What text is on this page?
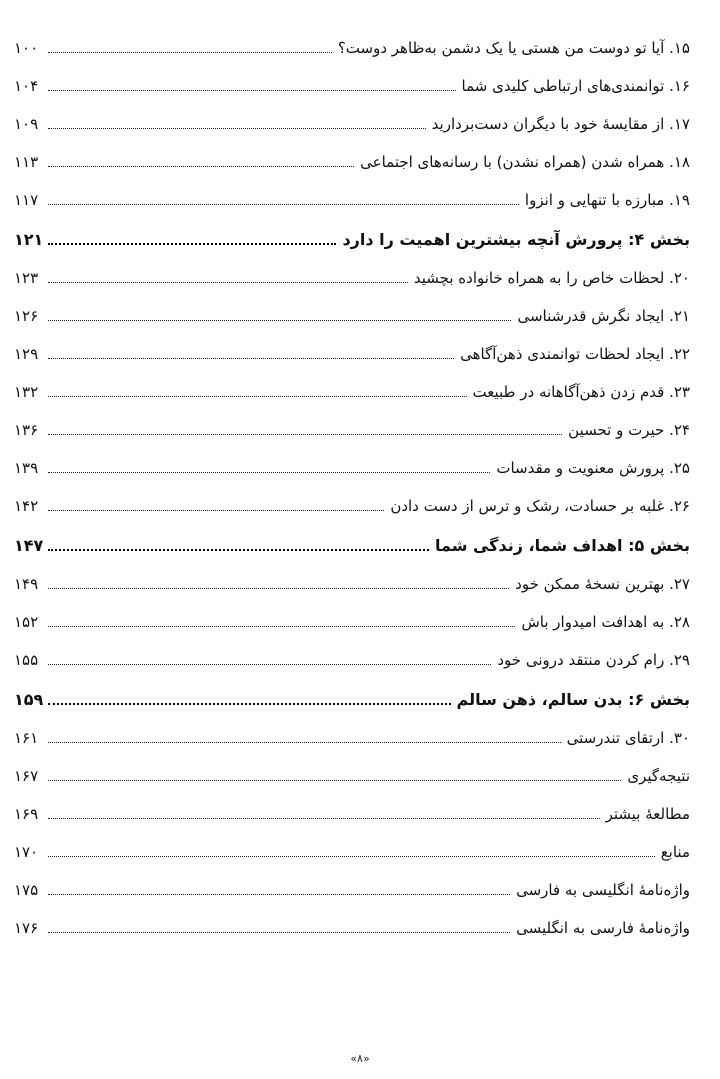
۱۰۰	۱۵. آیا تو دوست من هستی یا یک دشمن به‌ظاهر دوست؟
۱۰۴	۱۶. توانمندی‌های ارتباطی کلیدی شما
۱۰۹	۱۷. از مقایسهٔ خود با دیگران دست‌بردارید
۱۱۳	۱۸. همراه شدن (همراه نشدن) با رسانه‌های اجتماعی
۱۱۷	۱۹. مبارزه با تنهایی و انزوا
۱۲۱	بخش ۴: پرورش آنچه بیشترین اهمیت را دارد
۱۲۳	۲۰. لحظات خاص را به همراه خانواده بچشید
۱۲۶	۲۱. ایجاد نگرش قدرشناسی
۱۲۹	۲۲. ایجاد لحظات توانمندی ذهن‌آگاهی
۱۳۲	۲۳. قدم زدن ذهن‌آگاهانه در طبیعت
۱۳۶	۲۴. حیرت و تحسین
۱۳۹	۲۵. پرورش معنویت و مقدسات
۱۴۲	۲۶. غلبه بر حسادت، رشک و ترس از دست دادن
۱۴۷	بخش ۵: اهداف شما، زندگی شما
۱۴۹	۲۷. بهترین نسخهٔ ممکن خود
۱۵۲	۲۸. به اهدافت امیدوار باش
۱۵۵	۲۹. رام کردن منتقد درونی خود
۱۵۹	بخش ۶: بدن سالم، ذهن سالم
۱۶۱	۳۰. ارتقای تندرستی
۱۶۷	نتیجه‌گیری
۱۶۹	مطالعهٔ بیشتر
۱۷۰	منابع
۱۷۵	واژه‌نامهٔ انگلیسی به فارسی
۱۷۶	واژه‌نامهٔ فارسی به انگلیسی
«۸»
